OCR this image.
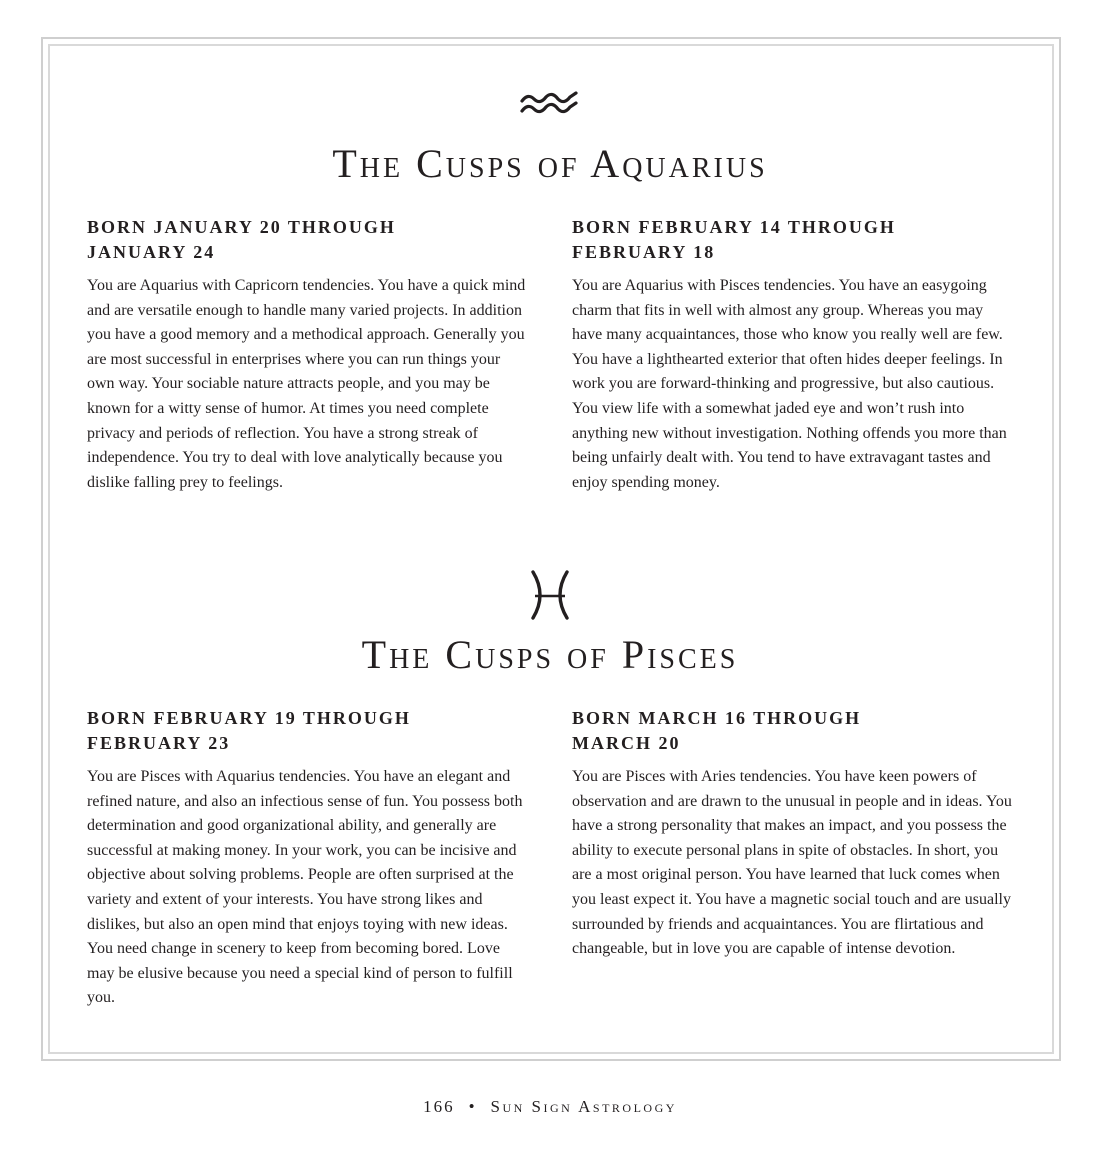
The Cusps of Aquarius
BORN JANUARY 20 THROUGH
JANUARY 24

You are Aquarius with Capricorn tendencies. You have a quick mind and are versatile enough to handle many varied projects. In addition you have a good memory and a methodical approach. Generally you are most successful in enterprises where you can run things your own way. Your sociable nature attracts people, and you may be known for a witty sense of humor. At times you need complete privacy and periods of reflection. You have a strong streak of independence. You try to deal with love analytically because you dislike falling prey to feelings.

BORN FEBRUARY 14 THROUGH
FEBRUARY 18

You are Aquarius with Pisces tendencies. You have an easygoing charm that fits in well with almost any group. Whereas you may have many acquaintances, those who know you really well are few. You have a lighthearted exterior that often hides deeper feelings. In work you are forward-thinking and progressive, but also cautious. You view life with a somewhat jaded eye and won’t rush into anything new without investigation. Nothing offends you more than being unfairly dealt with. You tend to have extravagant tastes and enjoy spending money.

The Cusps of Pisces
BORN FEBRUARY 19 THROUGH
FEBRUARY 23

You are Pisces with Aquarius tendencies. You have an elegant and refined nature, and also an infectious sense of fun. You possess both determination and good organizational ability, and generally are successful at making money. In your work, you can be incisive and objective about solving problems. People are often surprised at the variety and extent of your interests. You have strong likes and dislikes, but also an open mind that enjoys toying with new ideas. You need change in scenery to keep from becoming bored. Love may be elusive because you need a special kind of person to fulfill you.

BORN MARCH 16 THROUGH
MARCH 20

You are Pisces with Aries tendencies. You have keen powers of observation and are drawn to the unusual in people and in ideas. You have a strong personality that makes an impact, and you possess the ability to execute personal plans in spite of obstacles. In short, you are a most original person. You have learned that luck comes when you least expect it. You have a magnetic social touch and are usually surrounded by friends and acquaintances. You are flirtatious and changeable, but in love you are capable of intense devotion.

166 • Sun Sign Astrology
